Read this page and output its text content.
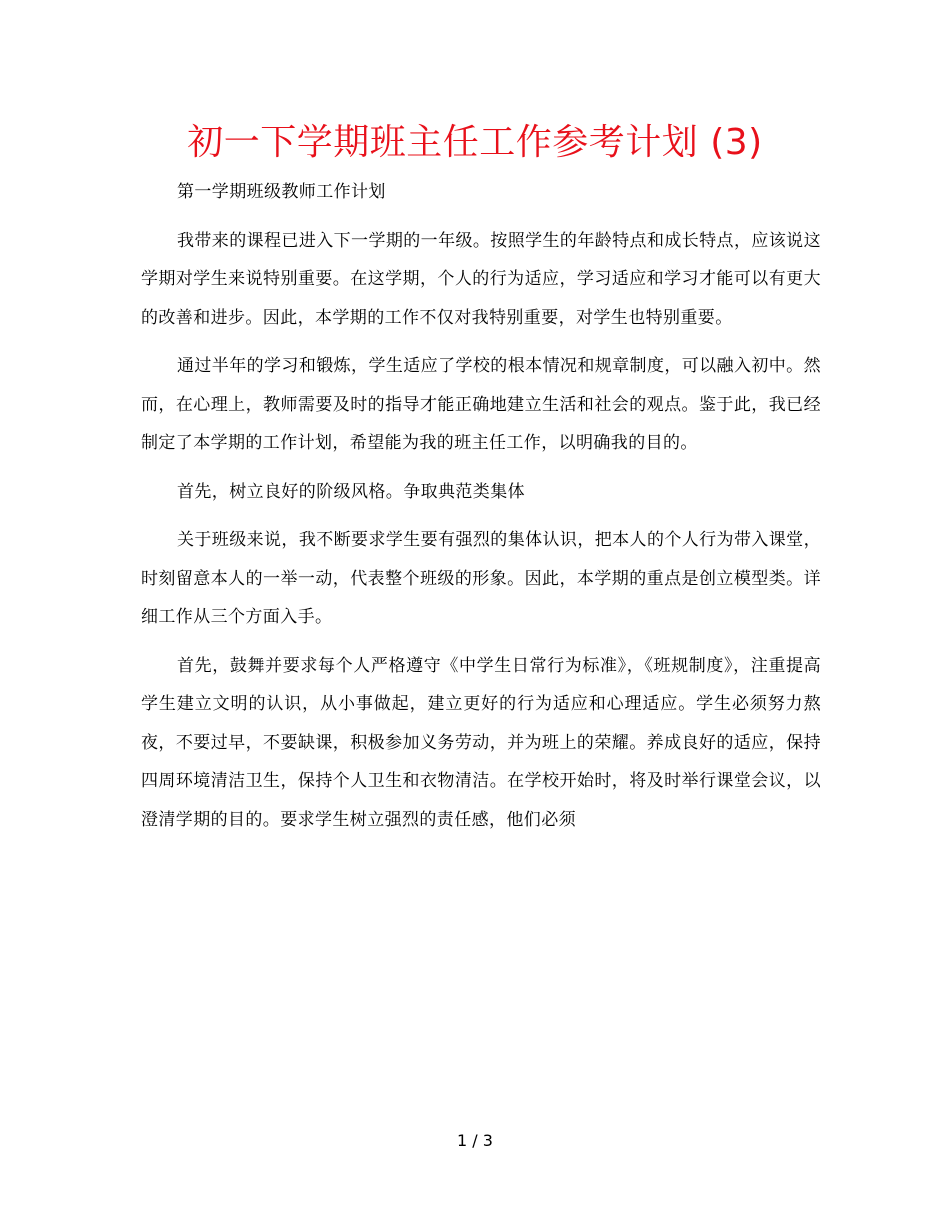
初一下学期班主任工作参考计划 (3)

第一学期班级教师工作计划

我带来的课程已进入下一学期的一年级。按照学生的年龄特点和成长特点，应该说这学期对学生来说特别重要。在这学期，个人的行为适应，学习适应和学习才能可以有更大的改善和进步。因此，本学期的工作不仅对我特别重要，对学生也特别重要。

通过半年的学习和锻炼，学生适应了学校的根本情况和规章制度，可以融入初中。然而，在心理上，教师需要及时的指导才能正确地建立生活和社会的观点。鉴于此，我已经制定了本学期的工作计划，希望能为我的班主任工作，以明确我的目的。

首先，树立良好的阶级风格。争取典范类集体

关于班级来说，我不断要求学生要有强烈的集体认识，把本人的个人行为带入课堂，时刻留意本人的一举一动，代表整个班级的形象。因此，本学期的重点是创立模型类。详细工作从三个方面入手。

首先，鼓舞并要求每个人严格遵守《中学生日常行为标准》，《班规制度》，注重提高学生建立文明的认识，从小事做起，建立更好的行为适应和心理适应。学生必须努力熬夜，不要过早，不要缺课，积极参加义务劳动，并为班上的荣耀。养成良好的适应，保持四周环境清洁卫生，保持个人卫生和衣物清洁。在学校开始时，将及时举行课堂会议，以澄清学期的目的。要求学生树立强烈的责任感，他们必须

1 / 3
